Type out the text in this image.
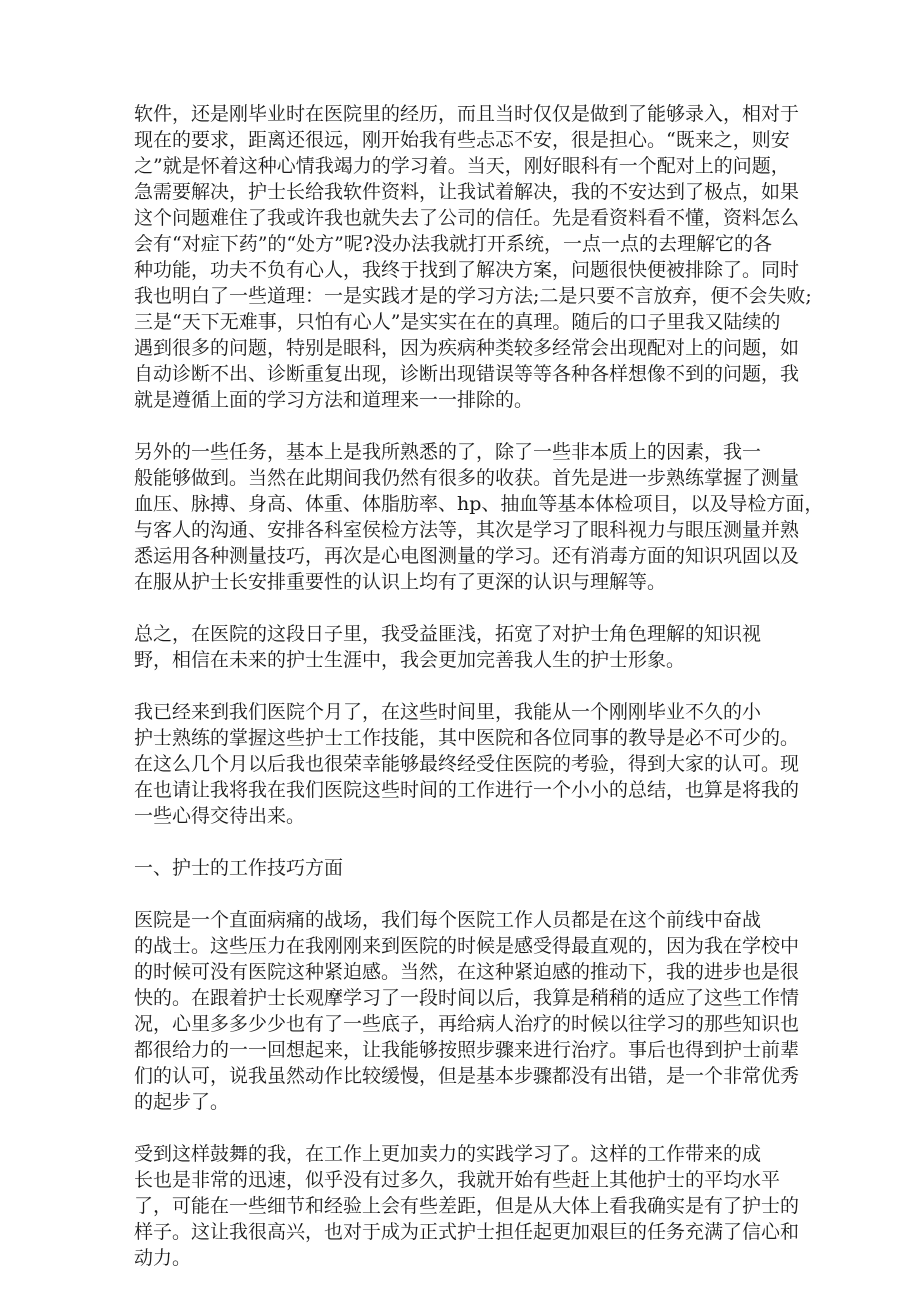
软件，还是刚毕业时在医院里的经历，而且当时仅仅是做到了能够录入，相对于
现在的要求，距离还很远，刚开始我有些忐忑不安，很是担心。“既来之，则安
之”就是怀着这种心情我竭力的学习着。当天，刚好眼科有一个配对上的问题，
急需要解决，护士长给我软件资料，让我试着解决，我的不安达到了极点，如果
这个问题难住了我或许我也就失去了公司的信任。先是看资料看不懂，资料怎么
会有“对症下药”的“处方”呢?没办法我就打开系统，一点一点的去理解它的各
种功能，功夫不负有心人，我终于找到了解决方案，问题很快便被排除了。同时
我也明白了一些道理：一是实践才是的学习方法;二是只要不言放弃，便不会失败;
三是“天下无难事，只怕有心人”是实实在在的真理。随后的口子里我又陆续的
遇到很多的问题，特别是眼科，因为疾病种类较多经常会出现配对上的问题，如
自动诊断不出、诊断重复出现，诊断出现错误等等各种各样想像不到的问题，我
就是遵循上面的学习方法和道理来一一排除的。
另外的一些任务，基本上是我所熟悉的了，除了一些非本质上的因素，我一
般能够做到。当然在此期间我仍然有很多的收获。首先是进一步熟练掌握了测量
血压、脉搏、身高、体重、体脂肪率、hp、抽血等基本体检项目，以及导检方面，
与客人的沟通、安排各科室侯检方法等，其次是学习了眼科视力与眼压测量并熟
悉运用各种测量技巧，再次是心电图测量的学习。还有消毒方面的知识巩固以及
在服从护士长安排重要性的认识上均有了更深的认识与理解等。
总之，在医院的这段日子里，我受益匪浅，拓宽了对护士角色理解的知识视
野，相信在未来的护士生涯中，我会更加完善我人生的护士形象。
我已经来到我们医院个月了，在这些时间里，我能从一个刚刚毕业不久的小
护士熟练的掌握这些护士工作技能，其中医院和各位同事的教导是必不可少的。
在这么几个月以后我也很荣幸能够最终经受住医院的考验，得到大家的认可。现
在也请让我将我在我们医院这些时间的工作进行一个小小的总结，也算是将我的
一些心得交待出来。
一、护士的工作技巧方面
医院是一个直面病痛的战场，我们每个医院工作人员都是在这个前线中奋战
的战士。这些压力在我刚刚来到医院的时候是感受得最直观的，因为我在学校中
的时候可没有医院这种紧迫感。当然，在这种紧迫感的推动下，我的进步也是很
快的。在跟着护士长观摩学习了一段时间以后，我算是稍稍的适应了这些工作情
况，心里多多少少也有了一些底子，再给病人治疗的时候以往学习的那些知识也
都很给力的一一回想起来，让我能够按照步骤来进行治疗。事后也得到护士前辈
们的认可，说我虽然动作比较缓慢，但是基本步骤都没有出错，是一个非常优秀
的起步了。
受到这样鼓舞的我，在工作上更加卖力的实践学习了。这样的工作带来的成
长也是非常的迅速，似乎没有过多久，我就开始有些赶上其他护士的平均水平
了，可能在一些细节和经验上会有些差距，但是从大体上看我确实是有了护士的
样子。这让我很高兴，也对于成为正式护士担任起更加艰巨的任务充满了信心和
动力。
